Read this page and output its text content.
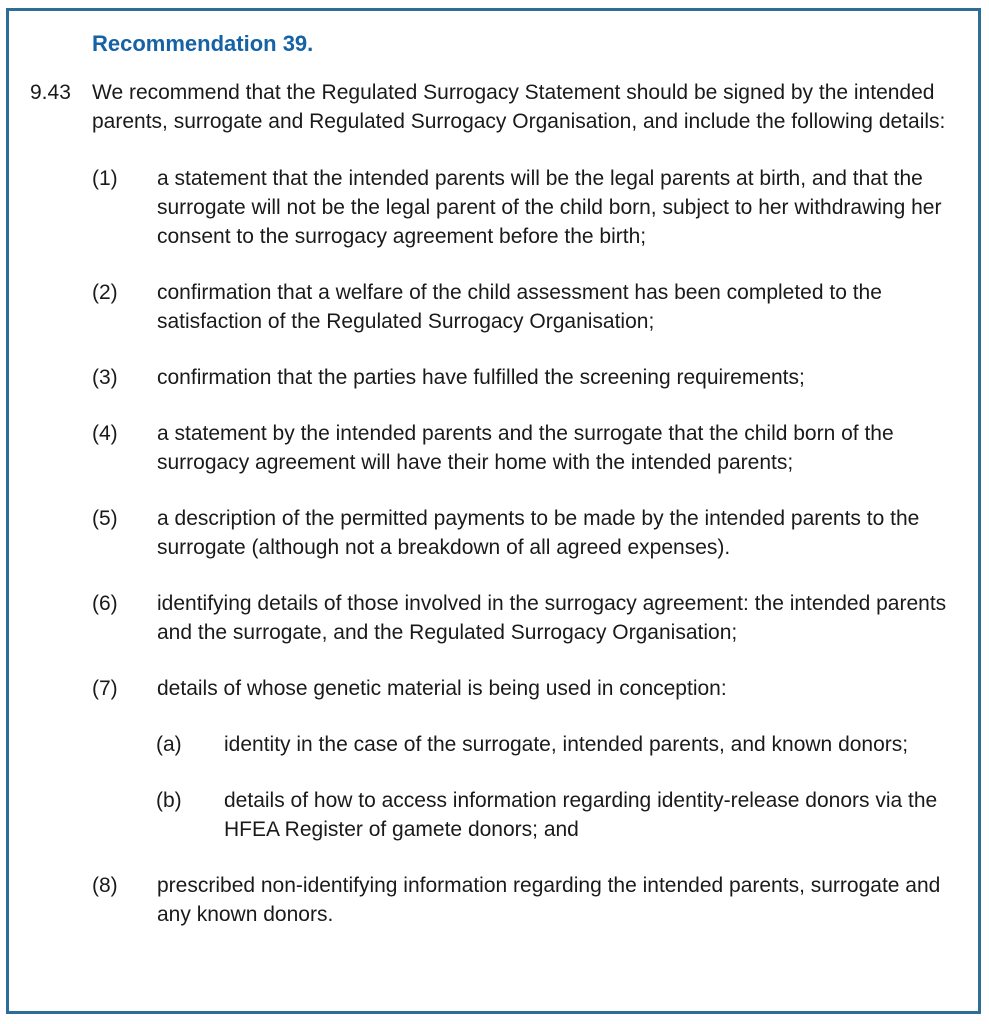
Recommendation 39.
9.43	We recommend that the Regulated Surrogacy Statement should be signed by the intended parents, surrogate and Regulated Surrogacy Organisation, and include the following details:
(1)	a statement that the intended parents will be the legal parents at birth, and that the surrogate will not be the legal parent of the child born, subject to her withdrawing her consent to the surrogacy agreement before the birth;
(2)	confirmation that a welfare of the child assessment has been completed to the satisfaction of the Regulated Surrogacy Organisation;
(3)	confirmation that the parties have fulfilled the screening requirements;
(4)	a statement by the intended parents and the surrogate that the child born of the surrogacy agreement will have their home with the intended parents;
(5)	a description of the permitted payments to be made by the intended parents to the surrogate (although not a breakdown of all agreed expenses).
(6)	identifying details of those involved in the surrogacy agreement: the intended parents and the surrogate, and the Regulated Surrogacy Organisation;
(7)	details of whose genetic material is being used in conception:
(a)	identity in the case of the surrogate, intended parents, and known donors;
(b)	details of how to access information regarding identity-release donors via the HFEA Register of gamete donors; and
(8)	prescribed non-identifying information regarding the intended parents, surrogate and any known donors.
